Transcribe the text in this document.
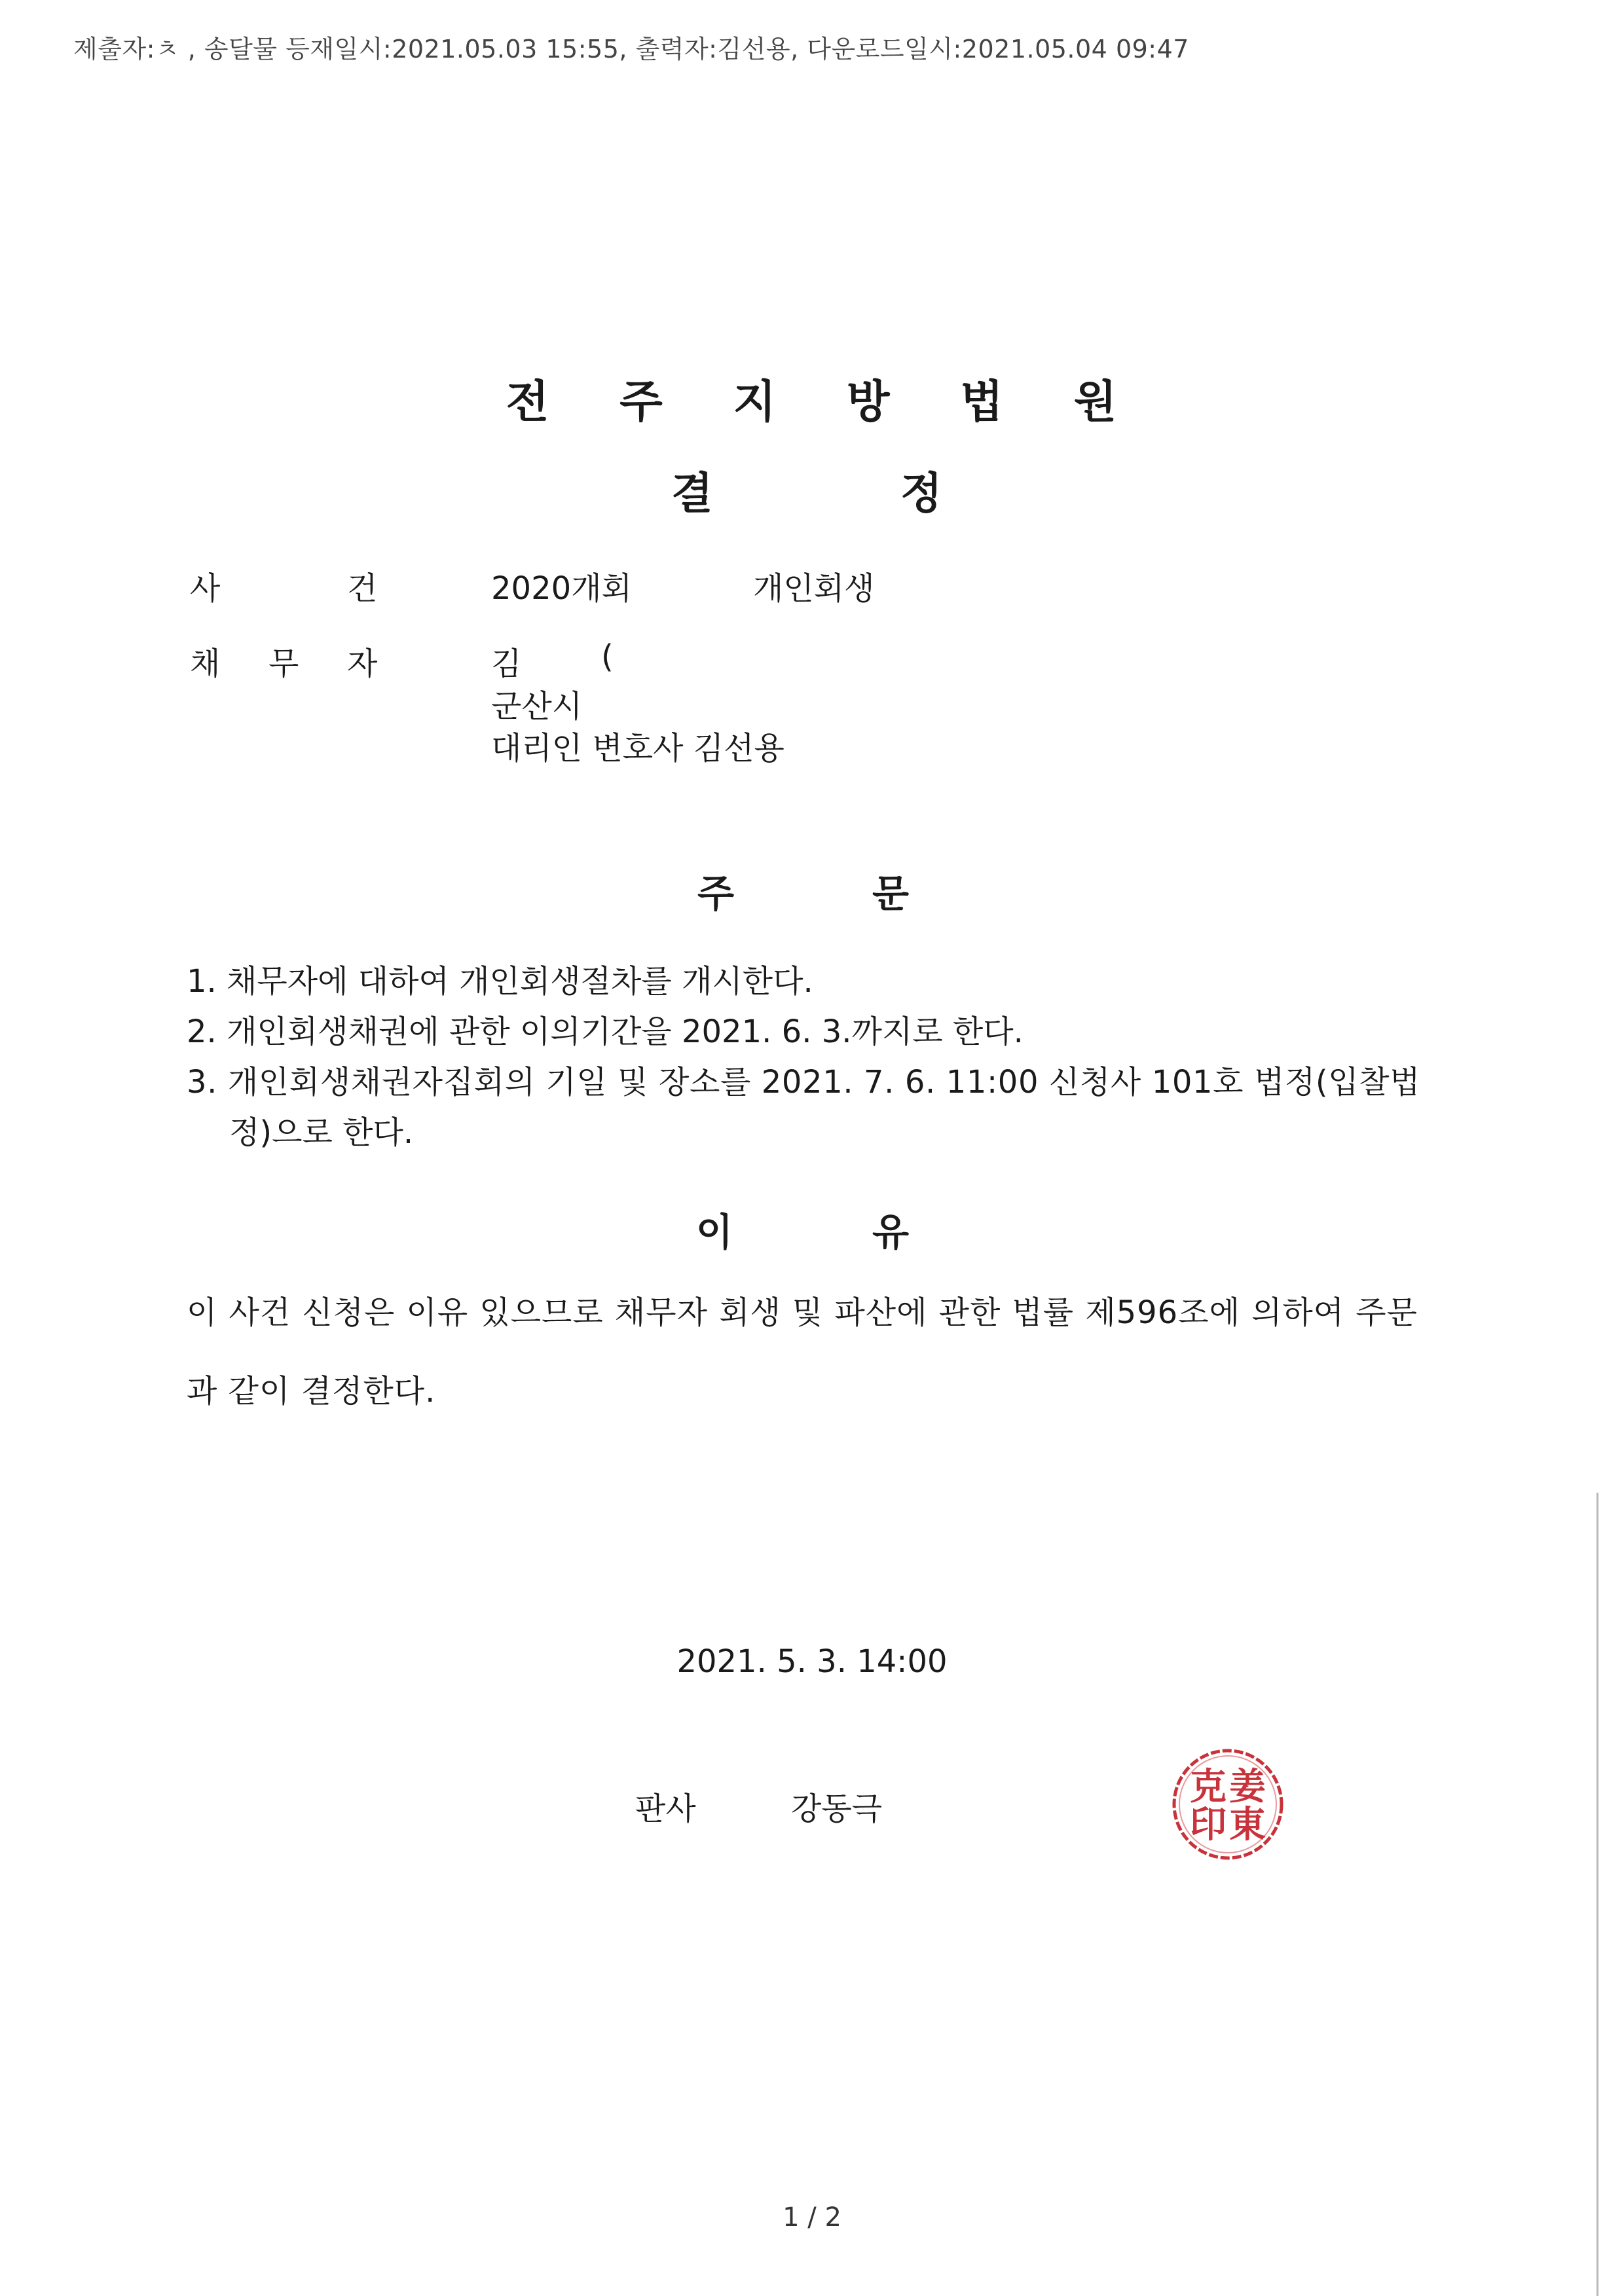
제출자:ㅊ , 송달물 등재일시:2021.05.03 15:55, 출력자:김선용, 다운로드일시:2021.05.04 09:47
전 주 지 방 법 원
결	정
사	건	2020개회	개인회생
채 무 자	김	(
군산시
대리인 변호사 김선용
주	문
1. 채무자에 대하여 개인회생절차를 개시한다.
2. 개인회생채권에 관한 이의기간을 2021. 6. 3.까지로 한다.
3. 개인회생채권자집회의 기일 및 장소를 2021. 7. 6. 11:00 신청사 101호 법정(입찰법
정)으로 한다.
이	유
이 사건 신청은 이유 있으므로 채무자 회생 및 파산에 관한 법률 제596조에 의하여 주문과 같이 결정한다.
2021. 5. 3. 14:00
판사	강동극
姜
東
克
印
1 / 2
